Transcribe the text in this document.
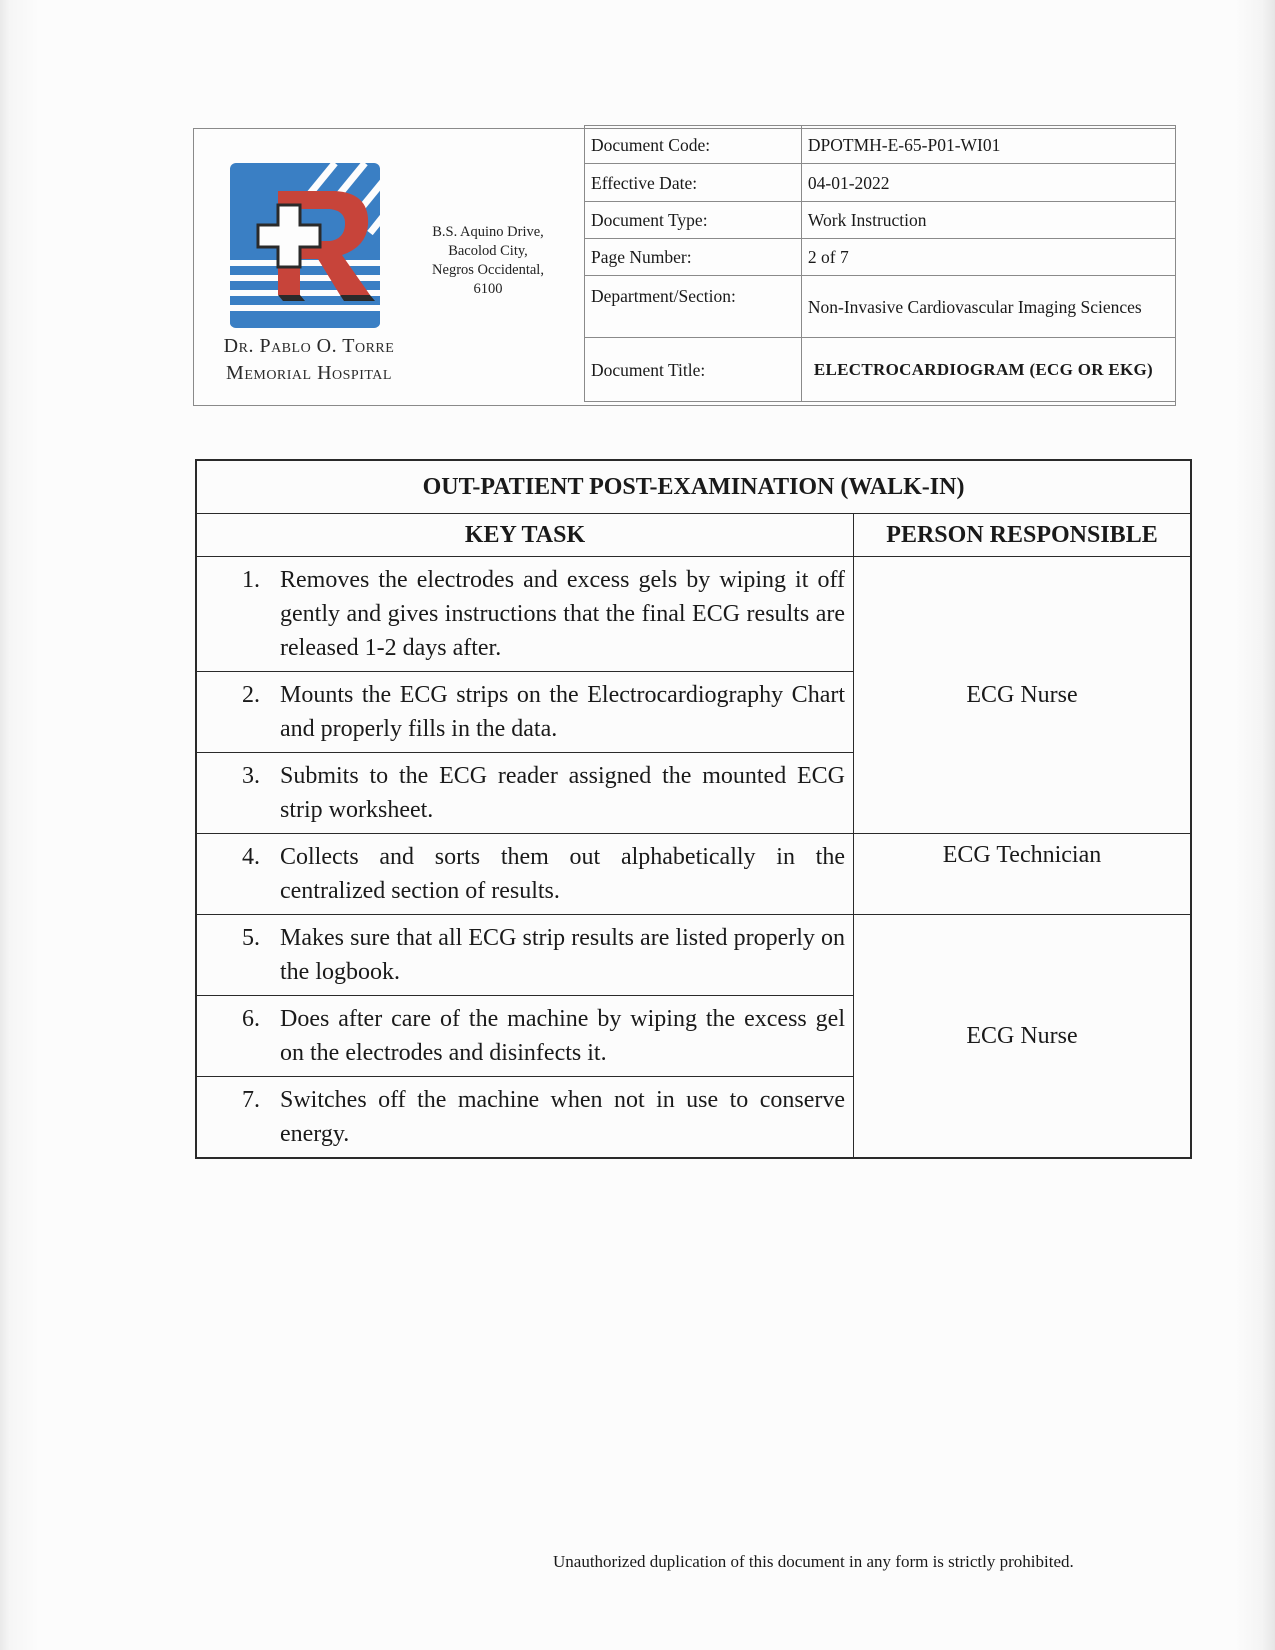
Dr. Pablo O. Torre
Memorial Hospital
B.S. Aquino Drive,
Bacolod City,
Negros Occidental,
6100
Document Code:	DPOTMH-E-65-P01-WI01
Effective Date:	04-01-2022
Document Type:	Work Instruction
Page Number:	2 of 7
Department/Section:	Non-Invasive Cardiovascular Imaging Sciences
Document Title:	ELECTROCARDIOGRAM (ECG OR EKG)
OUT-PATIENT POST-EXAMINATION (WALK-IN)	
KEY TASK	PERSON RESPONSIBLE

1. Removes the electrodes and excess gels by wiping it off gently and gives instructions that the final ECG results are released 1-2 days after.	ECG Nurse

2. Mounts the ECG strips on the Electrocardiography Chart and properly fills in the data.	

3. Submits to the ECG reader assigned the mounted ECG strip worksheet.	

4. Collects and sorts them out alphabetically in the centralized section of results.	ECG Technician

5. Makes sure that all ECG strip results are listed properly on the logbook.	ECG Nurse

6. Does after care of the machine by wiping the excess gel on the electrodes and disinfects it.	

7. Switches off the machine when not in use to conserve energy.	
Unauthorized duplication of this document in any form is strictly prohibited.
